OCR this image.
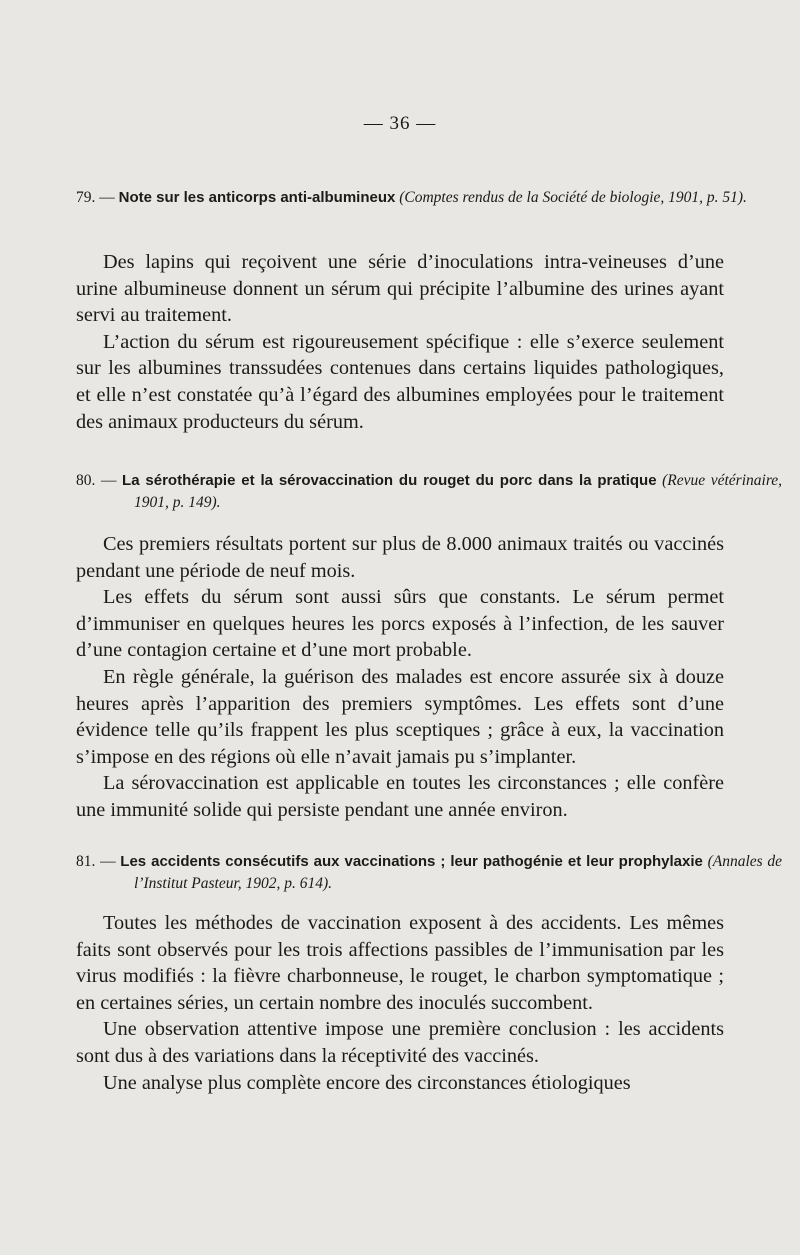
— 36 —
79. — Note sur les anticorps anti-albumineux (Comptes rendus de la Société de biologie, 1901, p. 51).

Des lapins qui reçoivent une série d’inoculations intra-veineuses d’une urine albumineuse donnent un sérum qui précipite l’albumine des urines ayant servi au traitement.

L’action du sérum est rigoureusement spécifique : elle s’exerce seulement sur les albumines transsudées contenues dans certains liquides pathologiques, et elle n’est constatée qu’à l’égard des albumines employées pour le traitement des animaux producteurs du sérum.

80. — La sérothérapie et la sérovaccination du rouget du porc dans la pratique (Revue vétérinaire, 1901, p. 149).

Ces premiers résultats portent sur plus de 8.000 animaux traités ou vaccinés pendant une période de neuf mois.

Les effets du sérum sont aussi sûrs que constants. Le sérum permet d’immuniser en quelques heures les porcs exposés à l’infection, de les sauver d’une contagion certaine et d’une mort probable.

En règle générale, la guérison des malades est encore assurée six à douze heures après l’apparition des premiers symptômes. Les effets sont d’une évidence telle qu’ils frappent les plus sceptiques ; grâce à eux, la vaccination s’impose en des régions où elle n’avait jamais pu s’implanter.

La sérovaccination est applicable en toutes les circonstances ; elle confère une immunité solide qui persiste pendant une année environ.

81. — Les accidents consécutifs aux vaccinations ; leur pathogénie et leur prophylaxie (Annales de l’Institut Pasteur, 1902, p. 614).

Toutes les méthodes de vaccination exposent à des accidents. Les mêmes faits sont observés pour les trois affections passibles de l’immunisation par les virus modifiés : la fièvre charbonneuse, le rouget, le charbon symptomatique ; en certaines séries, un certain nombre des inoculés succombent.

Une observation attentive impose une première conclusion : les accidents sont dus à des variations dans la réceptivité des vaccinés.

Une analyse plus complète encore des circonstances étiologiques
